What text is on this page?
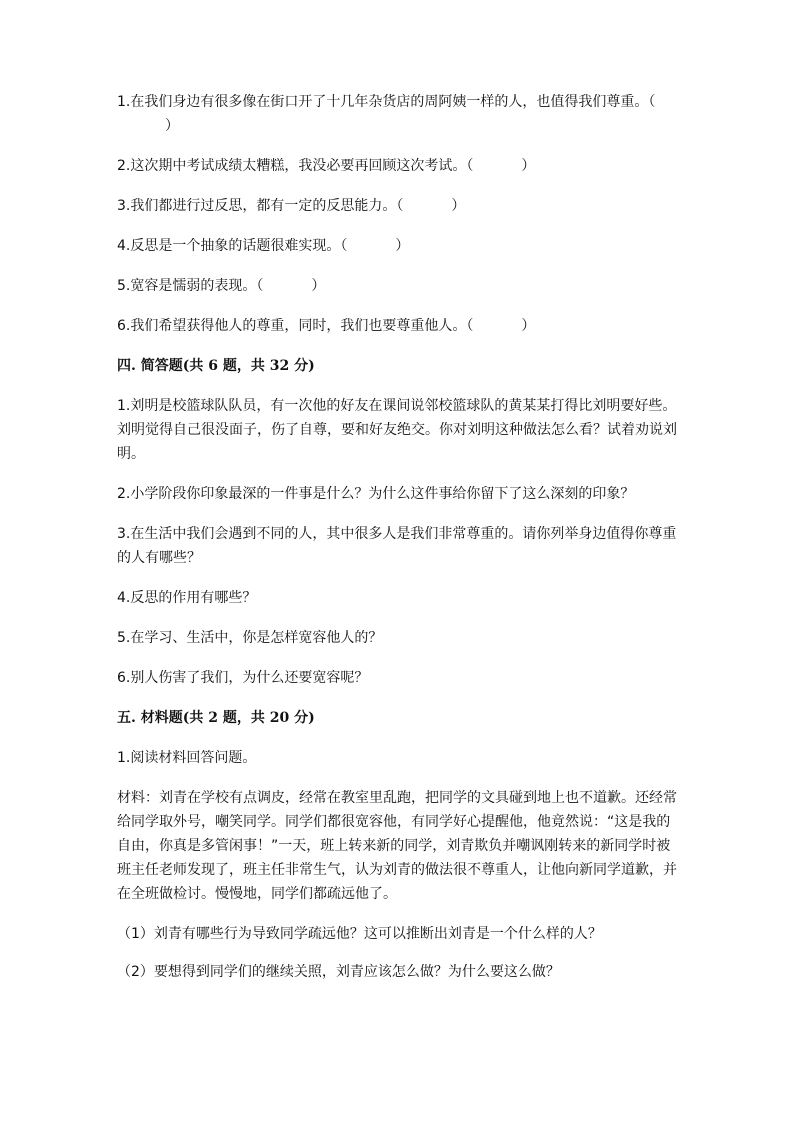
1.在我们身边有很多像在街口开了十几年杂货店的周阿姨一样的人，也值得我们尊重。（）
2.这次期中考试成绩太糟糕，我没必要再回顾这次考试。（	）
3.我们都进行过反思，都有一定的反思能力。（	）
4.反思是一个抽象的话题很难实现。（	）
5.宽容是懦弱的表现。（	）
6.我们希望获得他人的尊重，同时，我们也要尊重他人。（	）
四. 简答题(共 6 题，共 32 分)
1.刘明是校篮球队队员，有一次他的好友在课间说邻校篮球队的黄某某打得比刘明要好些。刘明觉得自己很没面子，伤了自尊，要和好友绝交。你对刘明这种做法怎么看？试着劝说刘明。
2.小学阶段你印象最深的一件事是什么？为什么这件事给你留下了这么深刻的印象？
3.在生活中我们会遇到不同的人，其中很多人是我们非常尊重的。请你列举身边值得你尊重的人有哪些？
4.反思的作用有哪些？
5.在学习、生活中，你是怎样宽容他人的？
6.别人伤害了我们，为什么还要宽容呢？
五. 材料题(共 2 题，共 20 分)
1.阅读材料回答问题。
材料：刘青在学校有点调皮，经常在教室里乱跑，把同学的文具碰到地上也不道歉。还经常给同学取外号，嘲笑同学。同学们都很宽容他，有同学好心提醒他，他竟然说：“这是我的自由，你真是多管闲事！”一天，班上转来新的同学，刘青欺负并嘲讽刚转来的新同学时被班主任老师发现了，班主任非常生气，认为刘青的做法很不尊重人，让他向新同学道歉，并在全班做检讨。慢慢地，同学们都疏远他了。
（1）刘青有哪些行为导致同学疏远他？这可以推断出刘青是一个什么样的人？
（2）要想得到同学们的继续关照，刘青应该怎么做？为什么要这么做？
